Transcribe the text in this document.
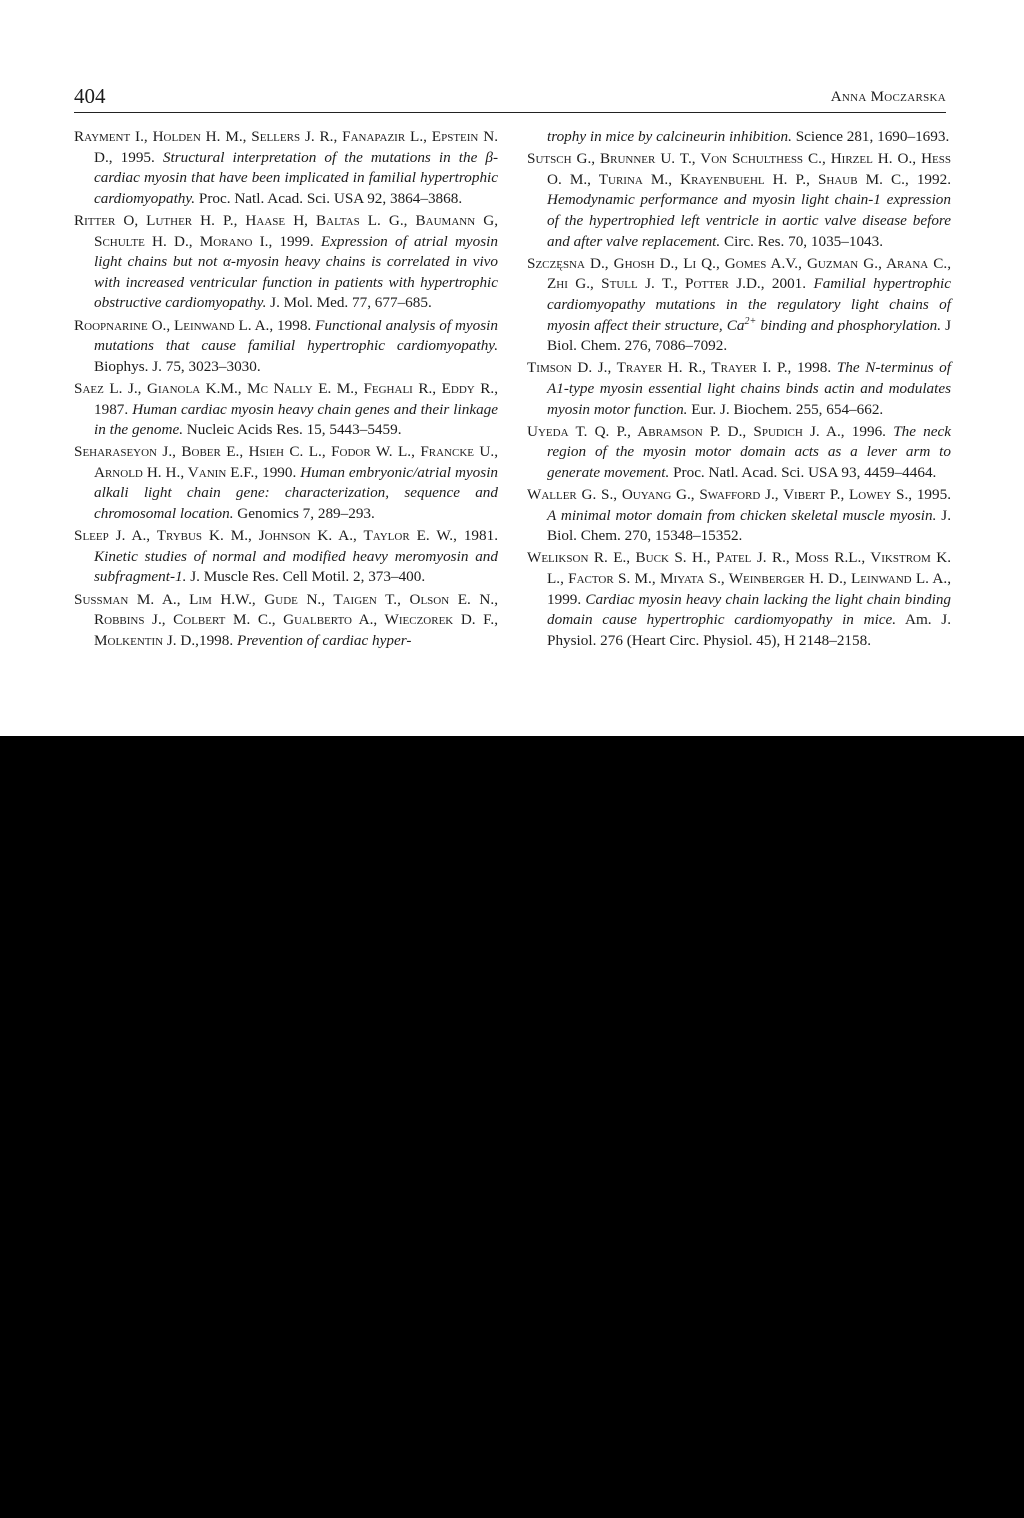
404	Anna Moczarska

Rayment I., Holden H. M., Sellers J. R., Fanapazir L., Epstein N. D., 1995. Structural interpretation of the mutations in the β-cardiac myosin that have been implicated in familial hypertrophic cardiomyopathy. Proc. Natl. Acad. Sci. USA 92, 3864–3868.

Ritter O, Luther H. P., Haase H, Baltas L. G., Baumann G, Schulte H. D., Morano I., 1999. Expression of atrial myosin light chains but not α-myosin heavy chains is correlated in vivo with increased ventricular function in patients with hypertrophic obstructive cardiomyopathy. J. Mol. Med. 77, 677–685.

Roopnarine O., Leinwand L. A., 1998. Functional analysis of myosin mutations that cause familial hypertrophic cardiomyopathy. Biophys. J. 75, 3023–3030.

Saez L. J., Gianola K.M., Mc Nally E. M., Feghali R., Eddy R., 1987. Human cardiac myosin heavy chain genes and their linkage in the genome. Nucleic Acids Res. 15, 5443–5459.

Seharaseyon J., Bober E., Hsieh C. L., Fodor W. L., Francke U., Arnold H. H., Vanin E.F., 1990. Human embryonic/atrial myosin alkali light chain gene: characterization, sequence and chromosomal location. Genomics 7, 289–293.

Sleep J. A., Trybus K. M., Johnson K. A., Taylor E. W., 1981. Kinetic studies of normal and modified heavy meromyosin and subfragment-1. J. Muscle Res. Cell Motil. 2, 373–400.

Sussman M. A., Lim H.W., Gude N., Taigen T., Olson E. N., Robbins J., Colbert M. C., Gualberto A., Wieczorek D. F., Molkentin J. D.,1998. Prevention of cardiac hyper-

trophy in mice by calcineurin inhibition. Science 281, 1690–1693.

Sutsch G., Brunner U. T., Von Schulthess C., Hirzel H. O., Hess O. M., Turina M., Krayenbuehl H. P., Shaub M. C., 1992. Hemodynamic performance and myosin light chain-1 expression of the hypertrophied left ventricle in aortic valve disease before and after valve replacement. Circ. Res. 70, 1035–1043.

Szczęsna D., Ghosh D., Li Q., Gomes A.V., Guzman G., Arana C., Zhi G., Stull J. T., Potter J.D., 2001. Familial hypertrophic cardiomyopathy mutations in the regulatory light chains of myosin affect their structure, $Ca^{2+}$ binding and phosphorylation. J Biol. Chem. 276, 7086–7092.

Timson D. J., Trayer H. R., Trayer I. P., 1998. The N-terminus of A1-type myosin essential light chains binds actin and modulates myosin motor function. Eur. J. Biochem. 255, 654–662.

Uyeda T. Q. P., Abramson P. D., Spudich J. A., 1996. The neck region of the myosin motor domain acts as a lever arm to generate movement. Proc. Natl. Acad. Sci. USA 93, 4459–4464.

Waller G. S., Ouyang G., Swafford J., Vibert P., Lowey S., 1995. A minimal motor domain from chicken skeletal muscle myosin. J. Biol. Chem. 270, 15348–15352.

Welikson R. E., Buck S. H., Patel J. R., Moss R.L., Vikstrom K. L., Factor S. M., Miyata S., Weinberger H. D., Leinwand L. A., 1999. Cardiac myosin heavy chain lacking the light chain binding domain cause hypertrophic cardiomyopathy in mice. Am. J. Physiol. 276 (Heart Circ. Physiol. 45), H 2148–2158.
